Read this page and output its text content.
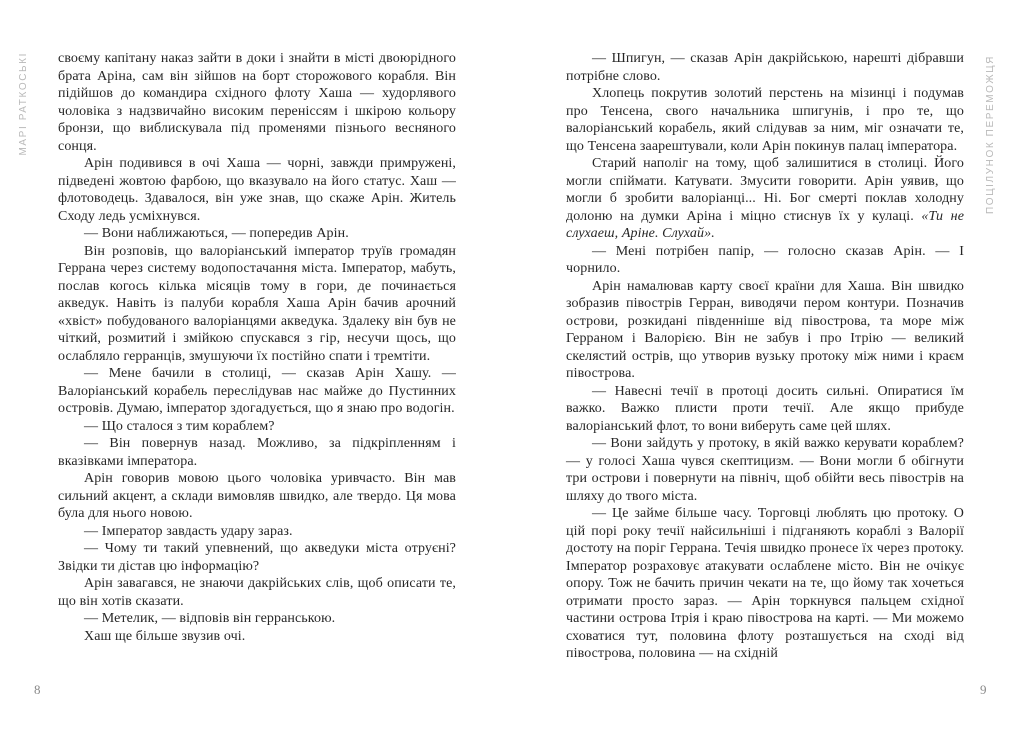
МАРІ РАТКОСЬКІ своєму капітану наказ зайти в доки і знайти в місті двоюрідного брата Аріна, сам він зійшов на борт сторожового корабля. Він підійшов до командира східного флоту Хаша — худорлявого чоловіка з надзвичайно високим переніссям і шкірою кольору бронзи, що виблискувала під променями пізнього весняного сонця.

Арін подивився в очі Хаша — чорні, завжди примружені, підведені жовтою фарбою, що вказувало на його статус. Хаш — флотоводець. Здавалося, він уже знав, що скаже Арін. Житель Сходу ледь усміхнувся.

— Вони наближаються, — попередив Арін.

Він розповів, що валоріанський імператор труїв громадян Геррана через систему водопостачання міста. Імператор, мабуть, послав когось кілька місяців тому в гори, де починається акведук. Навіть із палуби корабля Хаша Арін бачив арочний «хвіст» побудованого валоріанцями акведука. Здалеку він був не чіткий, розмитий і змійкою спускався з гір, несучи щось, що ослабляло герранців, змушуючи їх постійно спати і тремтіти.

— Мене бачили в столиці, — сказав Арін Хашу. — Валоріанський корабель переслідував нас майже до Пустинних островів. Думаю, імператор здогадується, що я знаю про водогін.

— Що сталося з тим кораблем?

— Він повернув назад. Можливо, за підкріпленням і вказівками імператора.

Арін говорив мовою цього чоловіка уривчасто. Він мав сильний акцент, а склади вимовляв швидко, але твердо. Ця мова була для нього новою.

— Імператор завдасть удару зараз.

— Чому ти такий упевнений, що акведуки міста отруєні? Звідки ти дістав цю інформацію?

Арін завагався, не знаючи дакрійських слів, щоб описати те, що він хотів сказати.

— Метелик, — відповів він герранською.

Хаш ще більше звузив очі.

8

— Шпигун, — сказав Арін дакрійською, нарешті дібравши потрібне слово.

Хлопець покрутив золотий перстень на мізинці і подумав про Тенсена, свого начальника шпигунів, і про те, що валоріанський корабель, який слідував за ним, міг означати те, що Тенсена заарештували, коли Арін покинув палац імператора.

Старий наполіг на тому, щоб залишитися в столиці. Його могли спіймати. Катувати. Змусити говорити. Арін уявив, що могли б зробити валоріанці... Ні. Бог смерті поклав холодну долоню на думки Аріна і міцно стиснув їх у кулаці. «Ти не слухаеш, Аріне. Слухай».

— Мені потрібен папір, — голосно сказав Арін. — І чорнило.

Арін намалював карту своєї країни для Хаша. Він швидко зобразив півострів Герран, виводячи пером контури. Позначив острови, розкидані південніше від півострова, та море між Герраном і Валорією. Він не забув і про Ітрію — великий скелястий острів, що утворив вузьку протоку між ними і краєм півострова.

— Навесні течії в протоці досить сильні. Опиратися їм важко. Важко плисти проти течії. Але якщо прибуде валоріанський флот, то вони виберуть саме цей шлях.

— Вони зайдуть у протоку, в якій важко керувати кораблем? — у голосі Хаша чувся скептицизм. — Вони могли б обігнути три острови і повернути на північ, щоб обійти весь півострів на шляху до твого міста.

— Це займе більше часу. Торговці люблять цю протоку. О цій порі року течії найсильніші і підганяють кораблі з Валорії достоту на поріг Геррана. Течія швидко пронесе їх через протоку. Імператор розраховує атакувати ослаблене місто. Він не очікує опору. Тож не бачить причин чекати на те, що йому так хочеться отримати просто зараз. — Арін торкнувся пальцем східної частини острова Ітрія і краю півострова на карті. — Ми можемо сховатися тут, половина флоту розташується на сході від півострова, половина — на східній

9
ПОЦІЛУНОК ПЕРЕМОЖЦЯ
